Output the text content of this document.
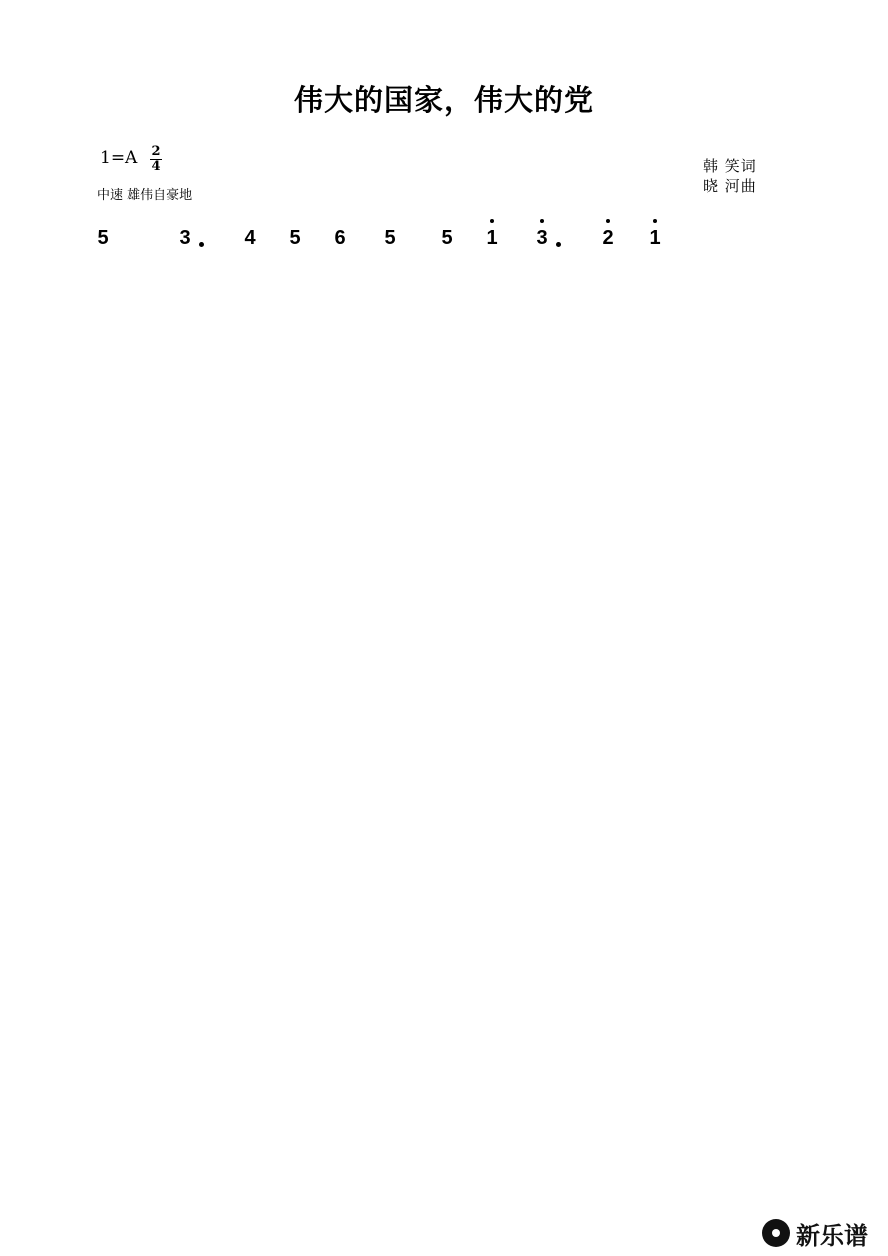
伟大的国家，伟大的党
$1=A \frac{2}{4}$
中速 雄伟自豪地
韩 笑词
晓 河曲
5	3	4 5 6 5 5 1 3	2 1
新乐谱
